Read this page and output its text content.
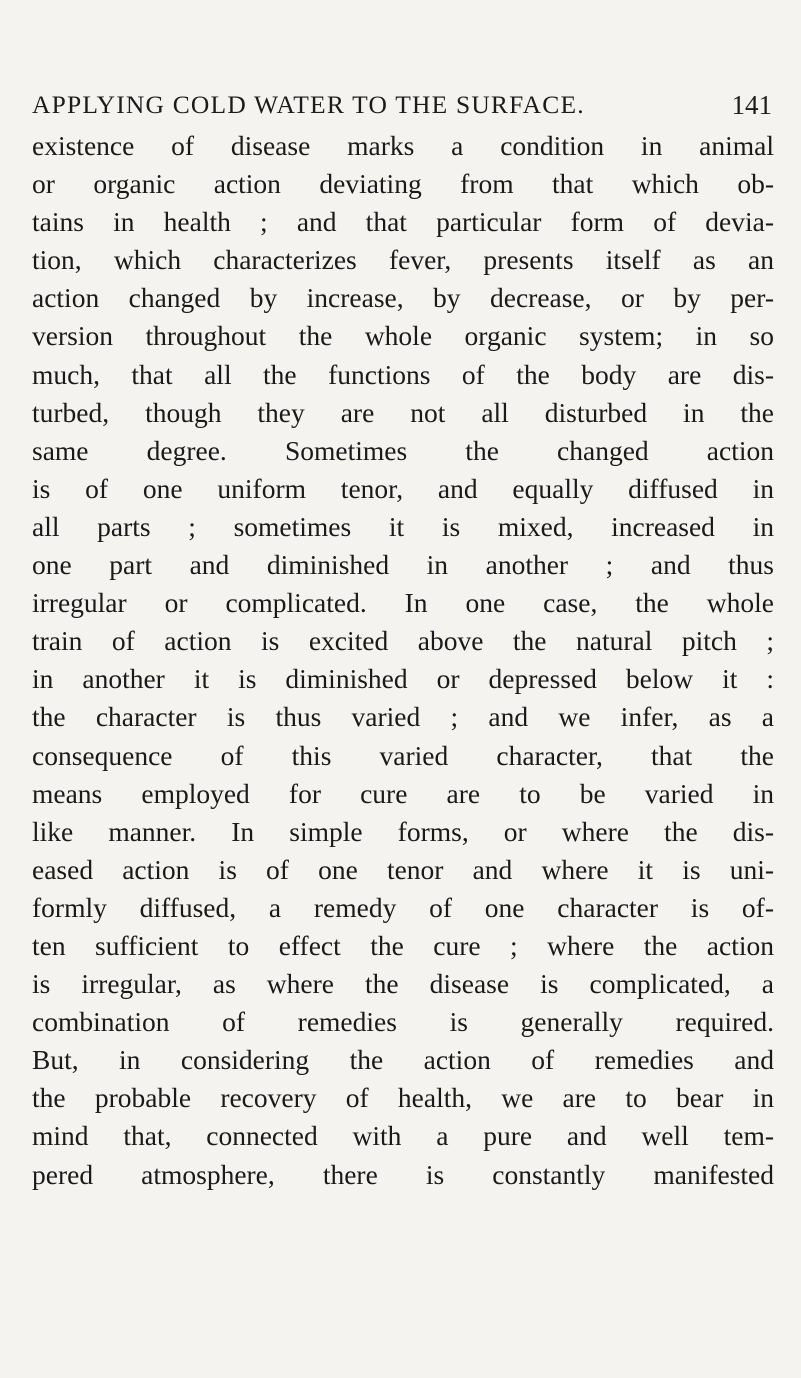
APPLYING COLD WATER TO THE SURFACE.	141
existence of disease marks a condition in animal
or organic action deviating from that which ob-
tains in health ; and that particular form of devia-
tion, which characterizes fever, presents itself as an
action changed by increase, by decrease, or by per-
version throughout the whole organic system; in so
much, that all the functions of the body are dis-
turbed, though they are not all disturbed in the
same degree. Sometimes the changed action
is of one uniform tenor, and equally diffused in
all parts ; sometimes it is mixed, increased in
one part and diminished in another ; and thus
irregular or complicated. In one case, the whole
train of action is excited above the natural pitch ;
in another it is diminished or depressed below it :
the character is thus varied ; and we infer, as a
consequence of this varied character, that the
means employed for cure are to be varied in
like manner. In simple forms, or where the dis-
eased action is of one tenor and where it is uni-
formly diffused, a remedy of one character is of-
ten sufficient to effect the cure ; where the action
is irregular, as where the disease is complicated, a
combination of remedies is generally required.
But, in considering the action of remedies and
the probable recovery of health, we are to bear in
mind that, connected with a pure and well tem-
pered atmosphere, there is constantly manifested
